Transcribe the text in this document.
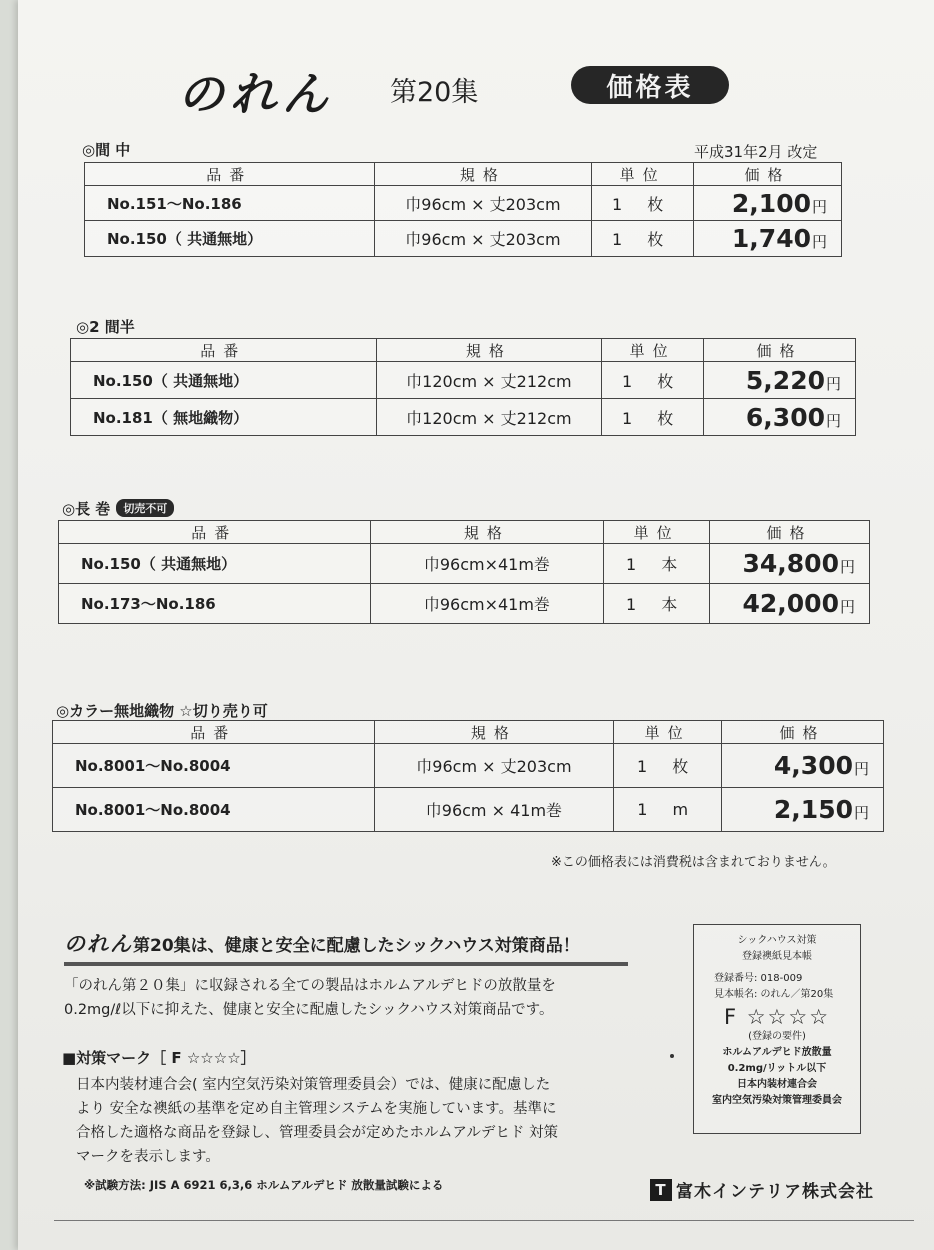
のれん 第20集	価格表
◎間 中	平成31年2月 改定
品番	規格	単位	価格
No.151～No.186	巾96cm × 丈203cm	1 枚	2,100円
No.150（ 共通無地）	巾96cm × 丈203cm	1 枚	1,740円
◎2 間半
品番	規格	単位	価格
No.150（ 共通無地）	巾120cm × 丈212cm	1 枚	5,220円
No.181（ 無地織物）	巾120cm × 丈212cm	1 枚	6,300円
◎長 巻 切売不可
品番	規格	単位	価格
No.150（ 共通無地）	巾96cm×41m巻	1 本	34,800円
No.173～No.186	巾96cm×41m巻	1 本	42,000円
◎カラー無地織物 ☆切り売り可
品番	規格	単位	価格
No.8001～No.8004	巾96cm × 丈203cm	1 枚	4,300円
No.8001～No.8004	巾96cm × 41m巻	1 m	2,150円
※この価格表には消費税は含まれておりません。
のれん第20集は、健康と安全に配慮したシックハウス対策商品！
「のれん第２０集」に収録される全ての製品はホルムアルデヒドの放散量を
0.2mg/ℓ以下に抑えた、健康と安全に配慮したシックハウス対策商品です。
■対策マーク［ F ☆☆☆☆］
日本内装材連合会( 室内空気汚染対策管理委員会）では、健康に配慮した
より 安全な襖紙の基準を定め自主管理システムを実施しています。基準に
合格した適格な商品を登録し、管理委員会が定めたホルムアルデヒド 対策
マークを表示します。
※試験方法: JIS A 6921 6,3,6 ホルムアルデヒド 放散量試験による
シックハウス対策
登録襖紙見本帳
登録番号: 018-009
見本帳名: のれん／第20集
F ☆☆☆☆
(登録の要件)
ホルムアルデヒド放散量
0.2mg/リットル以下
日本内装材連合会
室内空気汚染対策管理委員会
T 富木インテリア株式会社
